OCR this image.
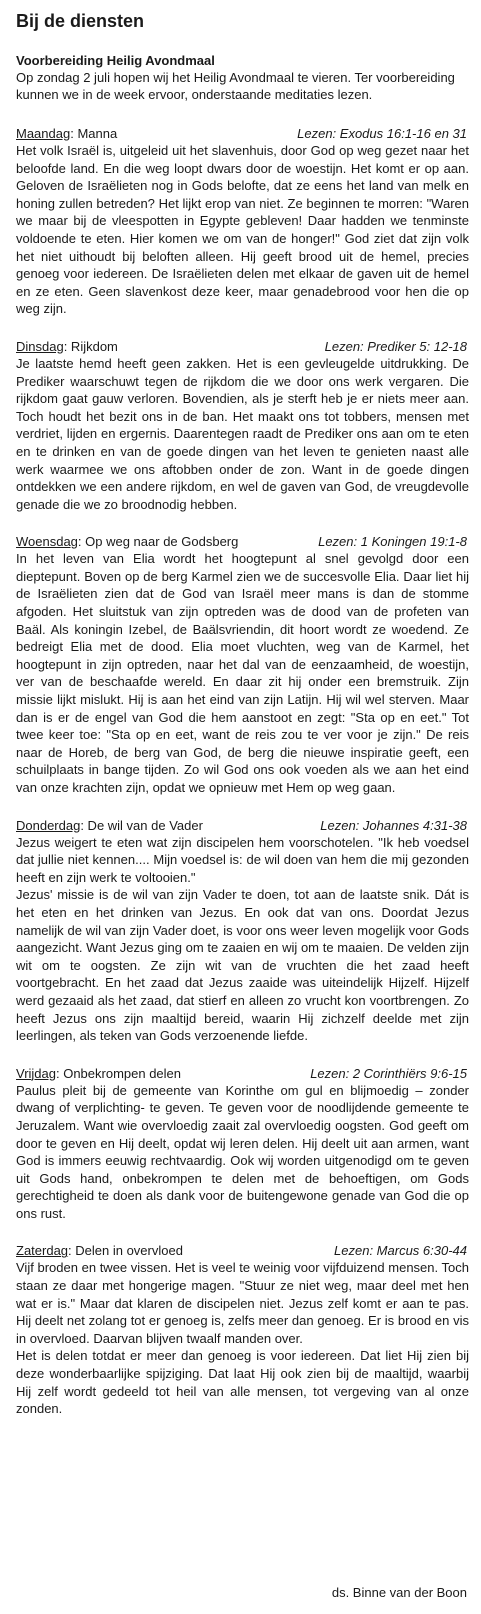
Bij de diensten
Voorbereiding Heilig Avondmaal
Op zondag 2 juli hopen wij het Heilig Avondmaal te vieren. Ter voorbereiding kunnen we in de week ervoor, onderstaande meditaties lezen.
Maandag: Manna	Lezen: Exodus 16:1-16 en 31

Het volk Israël is, uitgeleid uit het slavenhuis, door God op weg gezet naar het beloofde land. En die weg loopt dwars door de woestijn. Het komt er op aan. Geloven de Israëlieten nog in Gods belofte, dat ze eens het land van melk en honing zullen betreden? Het lijkt erop van niet. Ze beginnen te morren: "Waren we maar bij de vleespotten in Egypte gebleven! Daar hadden we tenminste voldoende te eten. Hier komen we om van de honger!" God ziet dat zijn volk het niet uithoudt bij beloften alleen. Hij geeft brood uit de hemel, precies genoeg voor iedereen. De Israëlieten delen met elkaar de gaven uit de hemel en ze eten. Geen slavenkost deze keer, maar genadebrood voor hen die op weg zijn.

Dinsdag: Rijkdom	Lezen: Prediker 5: 12-18

Je laatste hemd heeft geen zakken. Het is een gevleugelde uitdrukking. De Prediker waarschuwt tegen de rijkdom die we door ons werk vergaren. Die rijkdom gaat gauw verloren. Bovendien, als je sterft heb je er niets meer aan. Toch houdt het bezit ons in de ban. Het maakt ons tot tobbers, mensen met verdriet, lijden en ergernis. Daarentegen raadt de Prediker ons aan om te eten en te drinken en van de goede dingen van het leven te genieten naast alle werk waarmee we ons aftobben onder de zon. Want in de goede dingen ontdekken we een andere rijkdom, en wel de gaven van God, de vreugdevolle genade die we zo broodnodig hebben.

Woensdag: Op weg naar de Godsberg	Lezen: 1 Koningen 19:1-8

In het leven van Elia wordt het hoogtepunt al snel gevolgd door een dieptepunt. Boven op de berg Karmel zien we de succesvolle Elia. Daar liet hij de Israëlieten zien dat de God van Israël meer mans is dan de stomme afgoden. Het sluitstuk van zijn optreden was de dood van de profeten van Baäl. Als koningin Izebel, de Baälsvriendin, dit hoort wordt ze woedend. Ze bedreigt Elia met de dood. Elia moet vluchten, weg van de Karmel, het hoogtepunt in zijn optreden, naar het dal van de eenzaamheid, de woestijn, ver van de beschaafde wereld. En daar zit hij onder een bremstruik. Zijn missie lijkt mislukt. Hij is aan het eind van zijn Latijn. Hij wil wel sterven. Maar dan is er de engel van God die hem aanstoot en zegt: "Sta op en eet." Tot twee keer toe: "Sta op en eet, want de reis zou te ver voor je zijn." De reis naar de Horeb, de berg van God, de berg die nieuwe inspiratie geeft, een schuilplaats in bange tijden. Zo wil God ons ook voeden als we aan het eind van onze krachten zijn, opdat we opnieuw met Hem op weg gaan.

Donderdag: De wil van de Vader	Lezen: Johannes 4:31-38

Jezus weigert te eten wat zijn discipelen hem voorschotelen. "Ik heb voedsel dat jullie niet kennen.... Mijn voedsel is: de wil doen van hem die mij gezonden heeft en zijn werk te voltooien."

Jezus' missie is de wil van zijn Vader te doen, tot aan de laatste snik. Dát is het eten en het drinken van Jezus. En ook dat van ons. Doordat Jezus namelijk de wil van zijn Vader doet, is voor ons weer leven mogelijk voor Gods aangezicht. Want Jezus ging om te zaaien en wij om te maaien. De velden zijn wit om te oogsten. Ze zijn wit van de vruchten die het zaad heeft voortgebracht. En het zaad dat Jezus zaaide was uiteindelijk Hijzelf. Hijzelf werd gezaaid als het zaad, dat stierf en alleen zo vrucht kon voortbrengen. Zo heeft Jezus ons zijn maaltijd bereid, waarin Hij zichzelf deelde met zijn leerlingen, als teken van Gods verzoenende liefde.

Vrijdag: Onbekrompen delen	Lezen: 2 Corinthiërs 9:6-15

Paulus pleit bij de gemeente van Korinthe om gul en blijmoedig – zonder dwang of verplichting- te geven. Te geven voor de noodlijdende gemeente te Jeruzalem. Want wie overvloedig zaait zal overvloedig oogsten. God geeft om door te geven en Hij deelt, opdat wij leren delen. Hij deelt uit aan armen, want God is immers eeuwig rechtvaardig. Ook wij worden uitgenodigd om te geven uit Gods hand, onbekrompen te delen met de behoeftigen, om Gods gerechtigheid te doen als dank voor de buitengewone genade van God die op ons rust.

Zaterdag: Delen in overvloed	Lezen: Marcus 6:30-44

Vijf broden en twee vissen. Het is veel te weinig voor vijfduizend mensen. Toch staan ze daar met hongerige magen. "Stuur ze niet weg, maar deel met hen wat er is." Maar dat klaren de discipelen niet. Jezus zelf komt er aan te pas. Hij deelt net zolang tot er genoeg is, zelfs meer dan genoeg. Er is brood en vis in overvloed. Daarvan blijven twaalf manden over.

Het is delen totdat er meer dan genoeg is voor iedereen. Dat liet Hij zien bij deze wonderbaarlijke spijziging. Dat laat Hij ook zien bij de maaltijd, waarbij Hij zelf wordt gedeeld tot heil van alle mensen, tot vergeving van al onze zonden.

ds. Binne van der Boon
